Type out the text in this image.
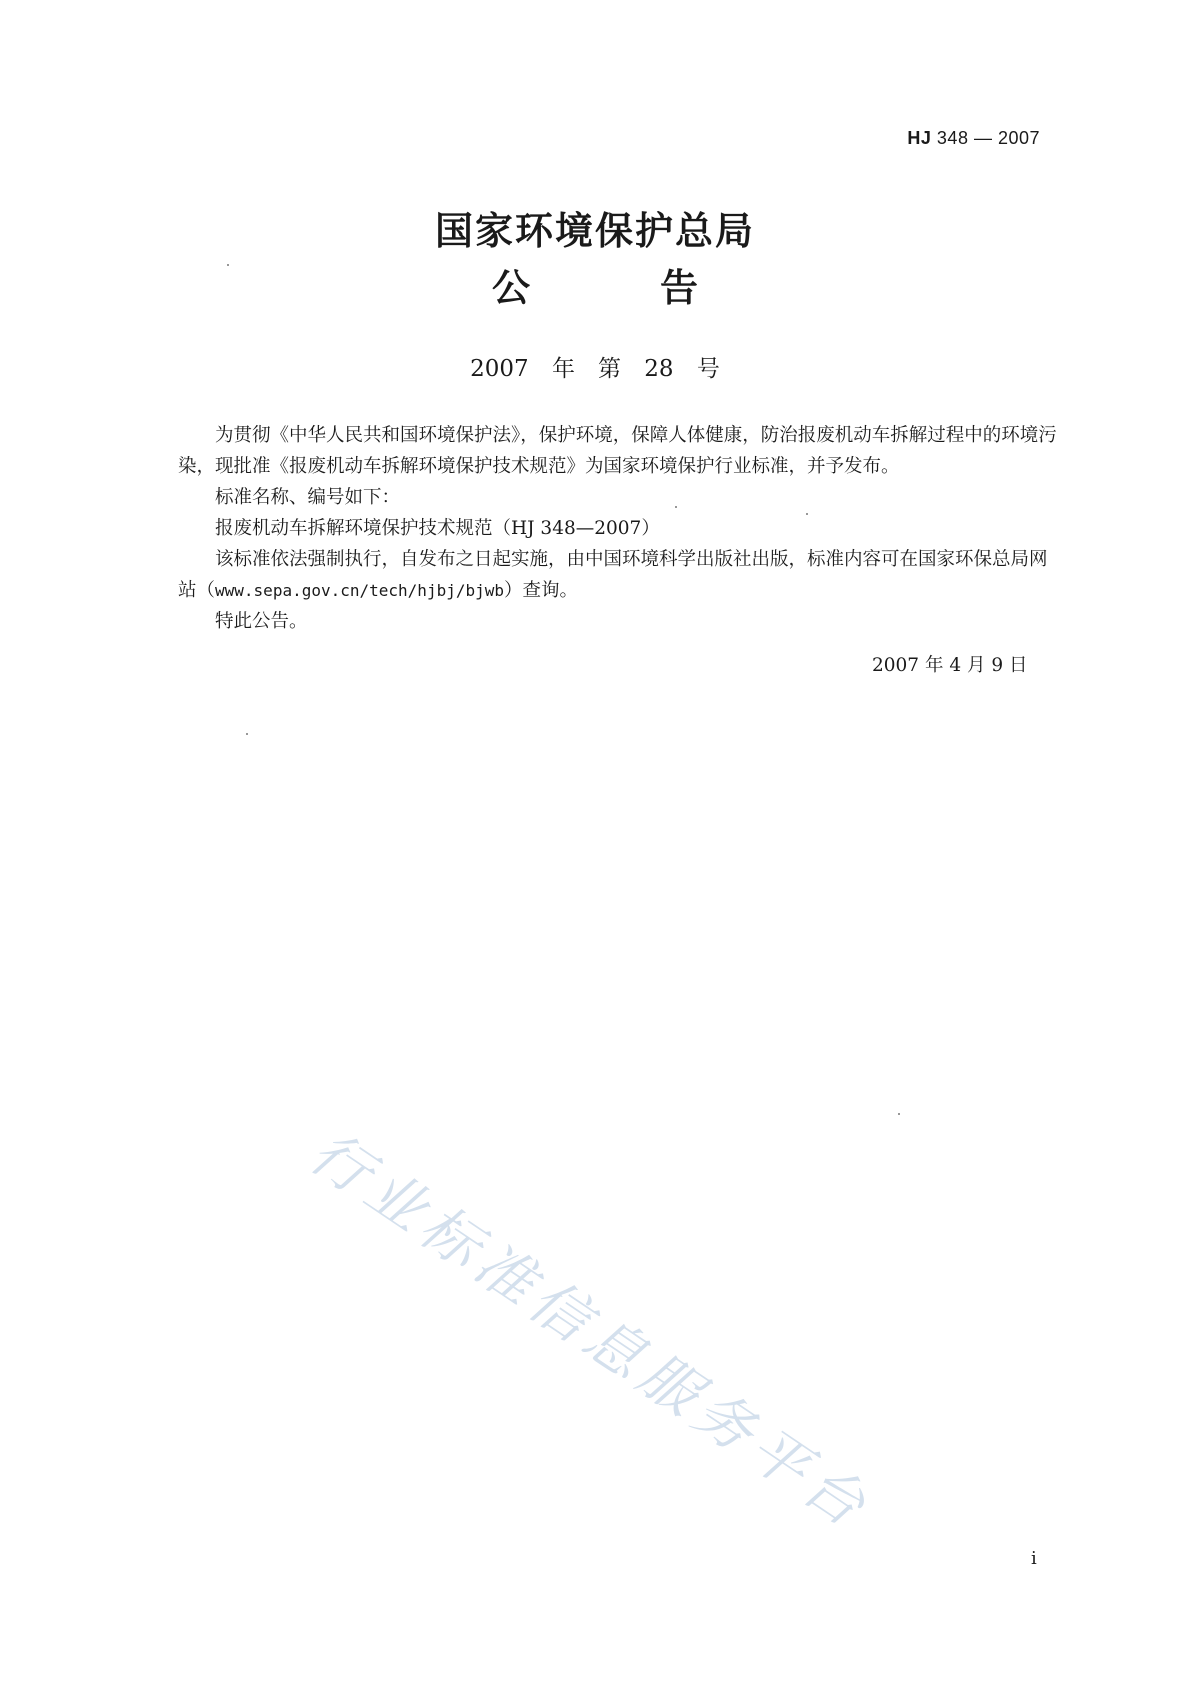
HJ 348 — 2007
国家环境保护总局
公告
2007 年　第 28 号

为贯彻《中华人民共和国环境保护法》，保护环境，保障人体健康，防治报废机动车拆解过程中的环境污染，现批准《报废机动车拆解环境保护技术规范》为国家环境保护行业标准，并予发布。

标准名称、编号如下：

报废机动车拆解环境保护技术规范（HJ 348—2007）

该标准依法强制执行，自发布之日起实施，由中国环境科学出版社出版，标准内容可在国家环保总局网站（www.sepa.gov.cn/tech/hjbj/bjwb）查询。

特此公告。

2007 年 4 月 9 日
行业标准信息服务平台
i
